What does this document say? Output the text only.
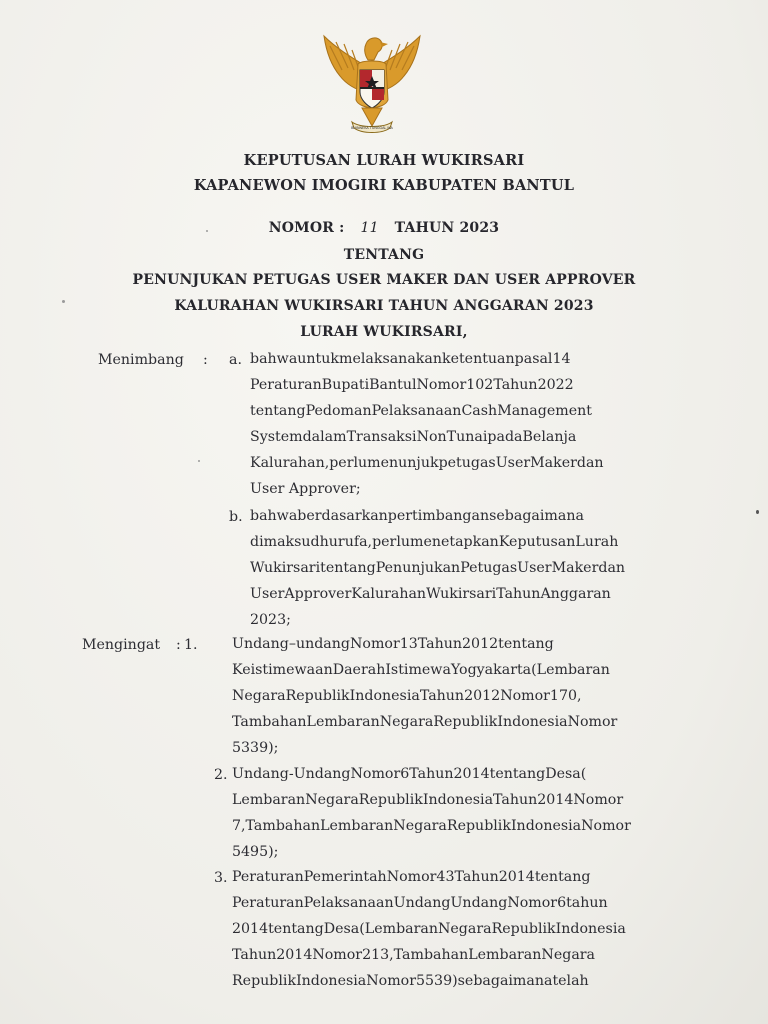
BHINNEKA TUNGGAL IKA
KEPUTUSAN LURAH WUKIRSARI
KAPANEWON IMOGIRI KABUPATEN BANTUL
NOMOR : 11 TAHUN 2023
TENTANG
PENUNJUKAN PETUGAS USER MAKER DAN USER APPROVER
KALURAHAN WUKIRSARI TAHUN ANGGARAN 2023
LURAH WUKIRSARI,
Menimbang : a. bahwauntukmelaksanakanketentuanpasal14
PeraturanBupatiBantulNomor102Tahun2022
tentangPedomanPelaksanaanCashManagement
SystemdalamTransaksiNonTunaipadaBelanja
Kalurahan,perlumenunjukpetugasUserMakerdan
User Approver;
b. bahwaberdasarkanpertimbangansebagaimana
dimaksudhurufa,perlumenetapkanKeputusanLurah
WukirsaritentangPenunjukanPetugasUserMakerdan
UserApproverKalurahanWukirsariTahunAnggaran
2023;
Mengingat : 1. Undang–undangNomor13Tahun2012tentang
KeistimewaanDaerahIstimewaYogyakarta(Lembaran
NegaraRepublikIndonesiaTahun2012Nomor170,
TambahanLembaranNegaraRepublikIndonesiaNomor
5339);
2. Undang-UndangNomor6Tahun2014tentangDesa(
LembaranNegaraRepublikIndonesiaTahun2014Nomor
7,TambahanLembaranNegaraRepublikIndonesiaNomor
5495);
3. PeraturanPemerintahNomor43Tahun2014tentang
PeraturanPelaksanaanUndangUndangNomor6tahun
2014tentangDesa(LembaranNegaraRepublikIndonesia
Tahun2014Nomor213,TambahanLembaranNegara
RepublikIndonesiaNomor5539)sebagaimanatelah
